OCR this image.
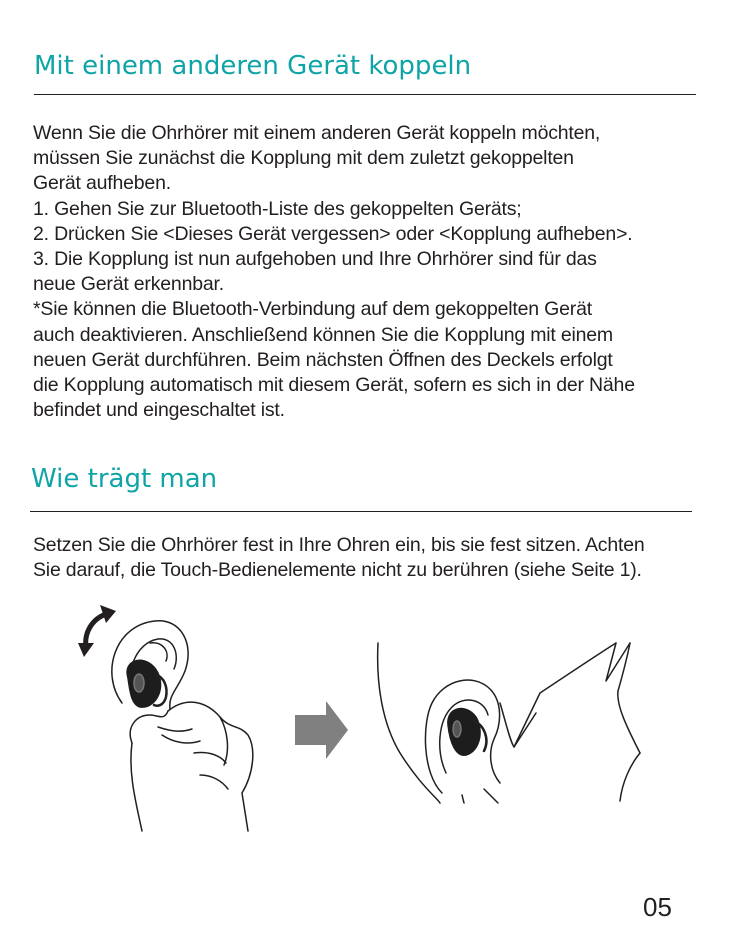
Mit einem anderen Gerät koppeln
Wenn Sie die Ohrhörer mit einem anderen Gerät koppeln möchten,
müssen Sie zunächst die Kopplung mit dem zuletzt gekoppelten
Gerät aufheben.
1. Gehen Sie zur Bluetooth-Liste des gekoppelten Geräts;
2. Drücken Sie <Dieses Gerät vergessen> oder <Kopplung aufheben>.
3. Die Kopplung ist nun aufgehoben und Ihre Ohrhörer sind für das
neue Gerät erkennbar.
*Sie können die Bluetooth-Verbindung auf dem gekoppelten Gerät
auch deaktivieren. Anschließend können Sie die Kopplung mit einem
neuen Gerät durchführen. Beim nächsten Öffnen des Deckels erfolgt
die Kopplung automatisch mit diesem Gerät, sofern es sich in der Nähe
befindet und eingeschaltet ist.
Wie trägt man
Setzen Sie die Ohrhörer fest in Ihre Ohren ein, bis sie fest sitzen. Achten
Sie darauf, die Touch-Bedienelemente nicht zu berühren (siehe Seite 1).
05
